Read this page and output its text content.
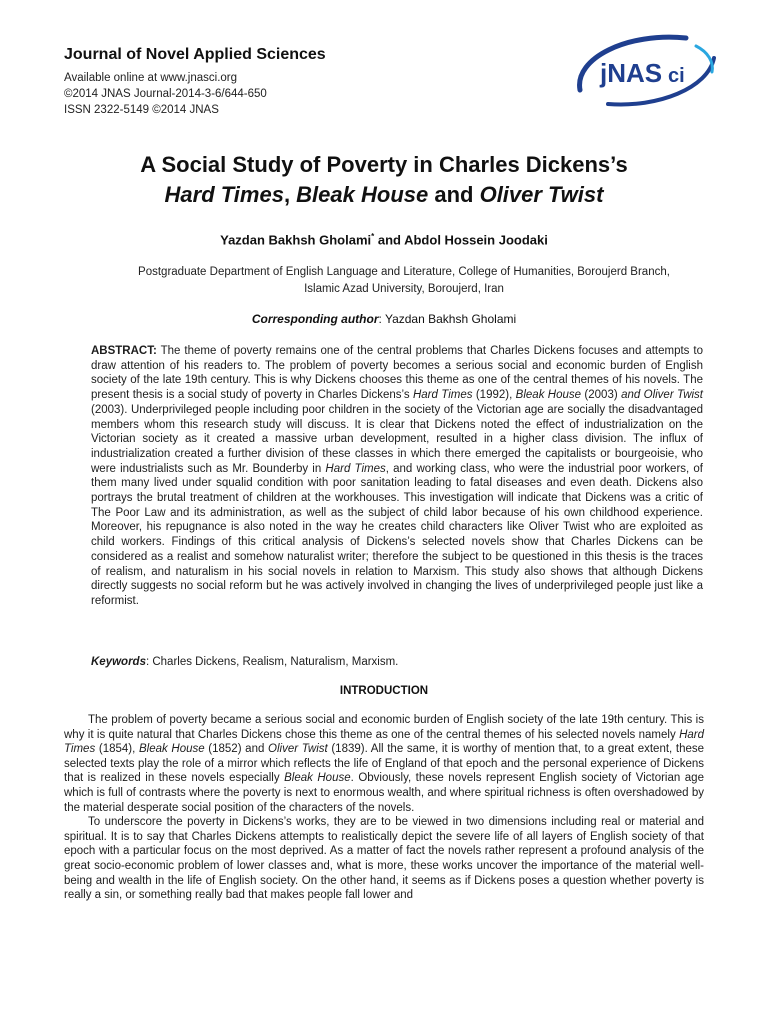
Journal of Novel Applied Sciences
Available online at www.jnasci.org
©2014 JNAS Journal-2014-3-6/644-650
ISSN 2322-5149 ©2014 JNAS
jNAS ci
A Social Study of Poverty in Charles Dickens’s
Hard Times, Bleak House and Oliver Twist
Yazdan Bakhsh Gholami* and Abdol Hossein Joodaki
Postgraduate Department of English Language and Literature, College of Humanities, Boroujerd Branch,
Islamic Azad University, Boroujerd, Iran
Corresponding author: Yazdan Bakhsh Gholami
ABSTRACT: The theme of poverty remains one of the central problems that Charles Dickens focuses and attempts to draw attention of his readers to. The problem of poverty becomes a serious social and economic burden of English society of the late 19th century. This is why Dickens chooses this theme as one of the central themes of his novels. The present thesis is a social study of poverty in Charles Dickens’s Hard Times (1992), Bleak House (2003) and Oliver Twist (2003). Underprivileged people including poor children in the society of the Victorian age are socially the disadvantaged members whom this research study will discuss. It is clear that Dickens noted the effect of industrialization on the Victorian society as it created a massive urban development, resulted in a higher class division. The influx of industrialization created a further division of these classes in which there emerged the capitalists or bourgeoisie, who were industrialists such as Mr. Bounderby in Hard Times, and working class, who were the industrial poor workers, of them many lived under squalid condition with poor sanitation leading to fatal diseases and even death. Dickens also portrays the brutal treatment of children at the workhouses. This investigation will indicate that Dickens was a critic of The Poor Law and its administration, as well as the subject of child labor because of his own childhood experience. Moreover, his repugnance is also noted in the way he creates child characters like Oliver Twist who are exploited as child workers. Findings of this critical analysis of Dickens’s selected novels show that Charles Dickens can be considered as a realist and somehow naturalist writer; therefore the subject to be questioned in this thesis is the traces of realism, and naturalism in his social novels in relation to Marxism. This study also shows that although Dickens directly suggests no social reform but he was actively involved in changing the lives of underprivileged people just like a reformist.
Keywords: Charles Dickens, Realism, Naturalism, Marxism.
INTRODUCTION

The problem of poverty became a serious social and economic burden of English society of the late 19th century. This is why it is quite natural that Charles Dickens chose this theme as one of the central themes of his selected novels namely Hard Times (1854), Bleak House (1852) and Oliver Twist (1839). All the same, it is worthy of mention that, to a great extent, these selected texts play the role of a mirror which reflects the life of England of that epoch and the personal experience of Dickens that is realized in these novels especially Bleak House. Obviously, these novels represent English society of Victorian age which is full of contrasts where the poverty is next to enormous wealth, and where spiritual richness is often overshadowed by the material desperate social position of the characters of the novels.

To underscore the poverty in Dickens’s works, they are to be viewed in two dimensions including real or material and spiritual. It is to say that Charles Dickens attempts to realistically depict the severe life of all layers of English society of that epoch with a particular focus on the most deprived. As a matter of fact the novels rather represent a profound analysis of the great socio-economic problem of lower classes and, what is more, these works uncover the importance of the material well-being and wealth in the life of English society. On the other hand, it seems as if Dickens poses a question whether poverty is really a sin, or something really bad that makes people fall lower and
